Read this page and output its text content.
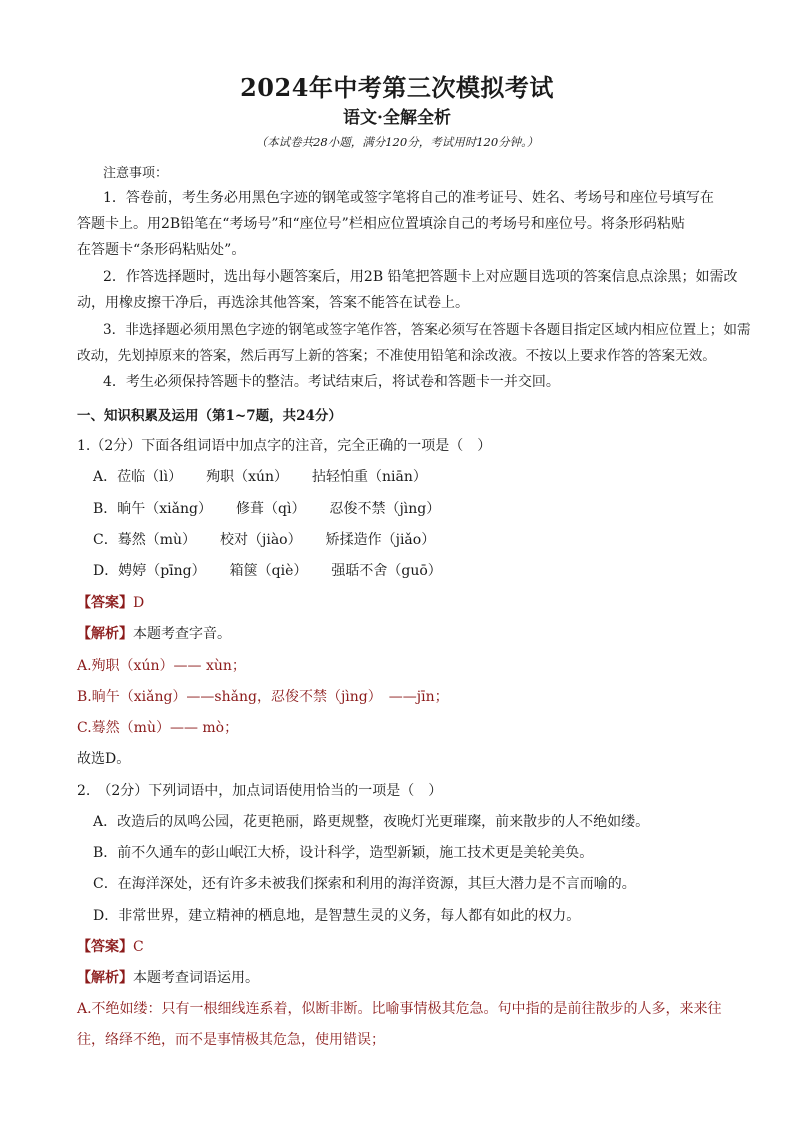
2024年中考第三次模拟考试
语文·全解全析
（本试卷共28小题，满分120分，考试用时120分钟。）
注意事项：
1．答卷前，考生务必用黑色字迹的钢笔或签字笔将自己的准考证号、姓名、考场号和座位号填写在
答题卡上。用2B铅笔在“考场号”和“座位号”栏相应位置填涂自己的考场号和座位号。将条形码粘贴
在答题卡“条形码粘贴处”。
2．作答选择题时，选出每小题答案后，用2B 铅笔把答题卡上对应题目选项的答案信息点涂黑；如需改
动，用橡皮擦干净后，再选涂其他答案，答案不能答在试卷上。
3．非选择题必须用黑色字迹的钢笔或签字笔作答，答案必须写在答题卡各题目指定区域内相应位置上；如需
改动，先划掉原来的答案，然后再写上新的答案；不准使用铅笔和涂改液。不按以上要求作答的答案无效。
4．考生必须保持答题卡的整洁。考试结束后，将试卷和答题卡一并交回。
一、知识积累及运用（第1~7题，共24分）
1.（2分）下面各组词语中加点字的注音，完全正确的一项是（　）
A．莅临（lì） 殉职（xún） 拈轻怕重（niān）
B．晌午（xiǎng） 修葺（qì） 忍俊不禁（jìng）
C．蓦然（mù） 校对（jiào） 矫揉造作（jiǎo）
D．娉婷（pīng） 箱箧（qiè） 强聒不舍（guō）
【答案】D
【解析】本题考查字音。
A.殉职（xún）—— xùn；
B.晌午（xiǎng）——shǎng，忍俊不禁（jìng）　——jīn；
C.蓦然（mù）—— mò；
故选D。
2.　（2分）下列词语中，加点词语使用恰当的一项是（　）
A．改造后的凤鸣公园，花更艳丽，路更规整，夜晚灯光更璀璨，前来散步的人不绝如缕。
B．前不久通车的彭山岷江大桥，设计科学，造型新颖，施工技术更是美轮美奂。
C．在海洋深处，还有许多未被我们探索和利用的海洋资源，其巨大潜力是不言而喻的。
D．非常世界，建立精神的栖息地，是智慧生灵的义务，每人都有如此的权力。
【答案】C
【解析】本题考查词语运用。
A.不绝如缕：只有一根细线连系着，似断非断。比喻事情极其危急。句中指的是前往散步的人多，来来往
往，络绎不绝，而不是事情极其危急，使用错误；
